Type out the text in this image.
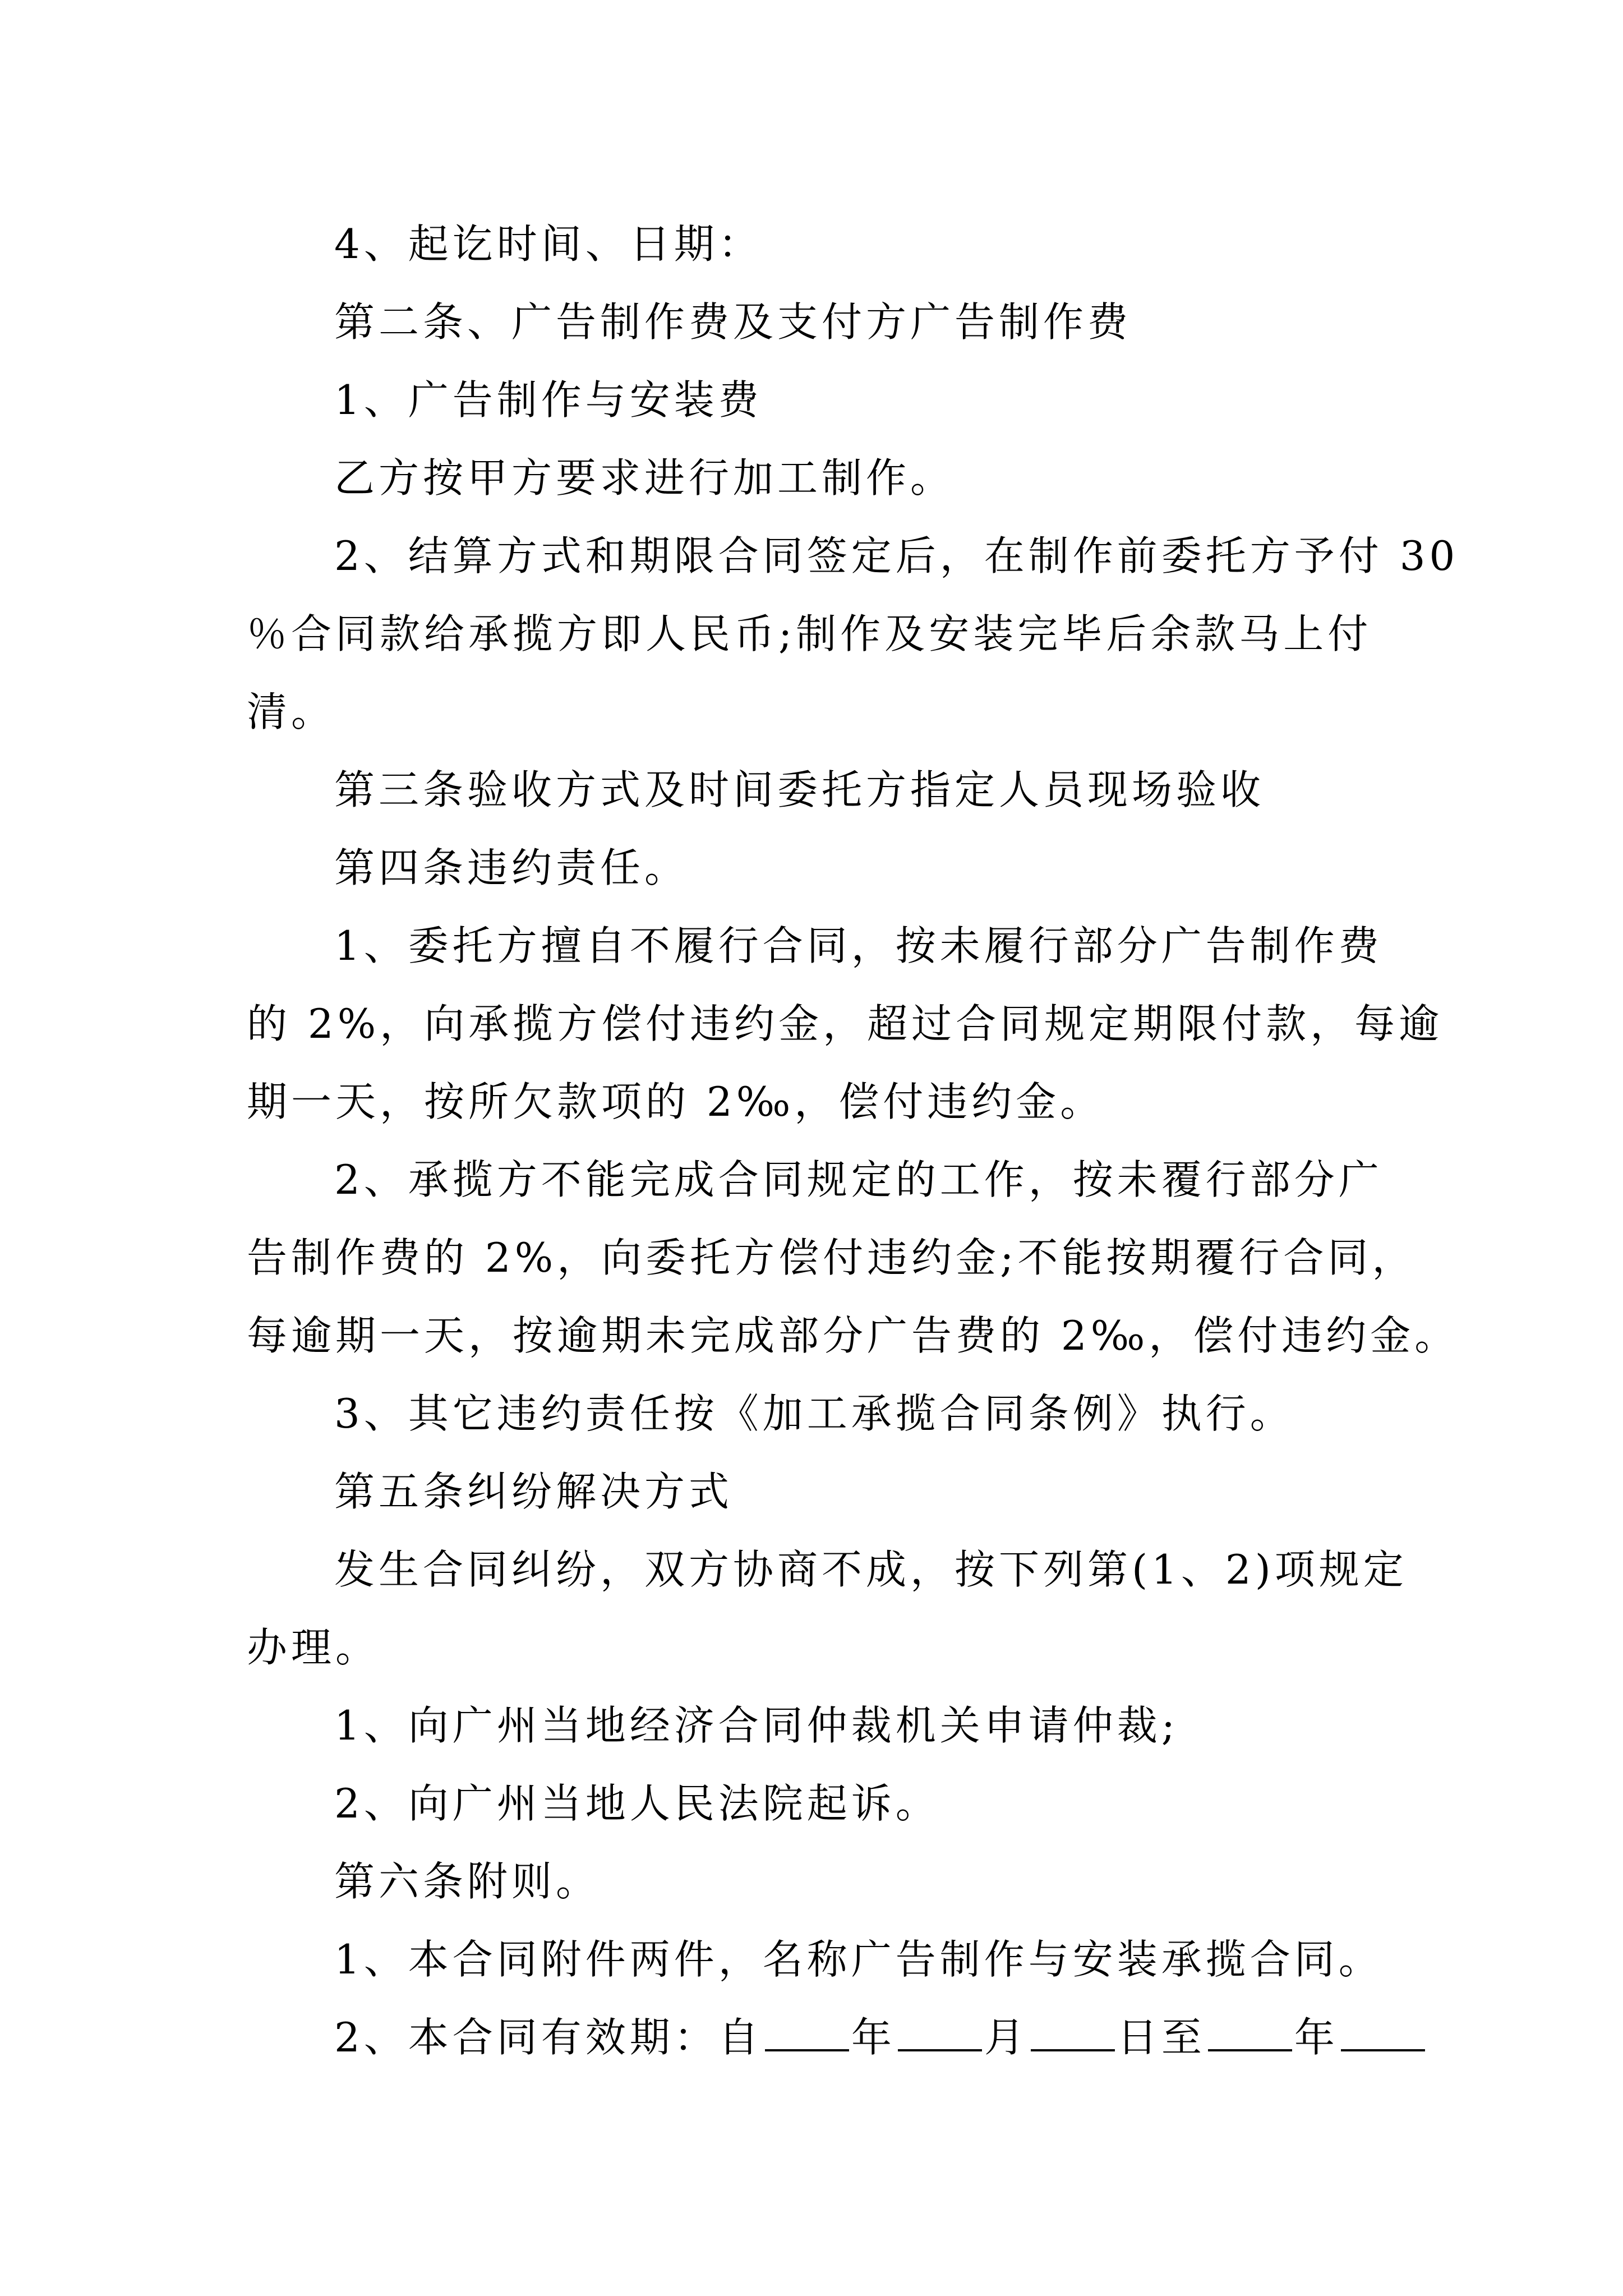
4、起讫时间、日期：
第二条、广告制作费及支付方广告制作费
1、广告制作与安装费
乙方按甲方要求进行加工制作。
2、结算方式和期限合同签定后，在制作前委托方予付 30
％合同款给承揽方即人民币;制作及安装完毕后余款马上付
清。
第三条验收方式及时间委托方指定人员现场验收
第四条违约责任。
1、委托方擅自不履行合同，按未履行部分广告制作费
的 2%，向承揽方偿付违约金，超过合同规定期限付款，每逾
期一天，按所欠款项的 2‰，偿付违约金。
2、承揽方不能完成合同规定的工作，按未覆行部分广
告制作费的 2%，向委托方偿付违约金;不能按期覆行合同，
每逾期一天，按逾期未完成部分广告费的 2‰，偿付违约金。
3、其它违约责任按《加工承揽合同条例》执行。
第五条纠纷解决方式
发生合同纠纷，双方协商不成，按下列第(1、2)项规定
办理。
1、向广州当地经济合同仲裁机关申请仲裁;
2、向广州当地人民法院起诉。
第六条附则。
1、本合同附件两件，名称广告制作与安装承揽合同。
2、本合同有效期：自 年 月 日至 年
